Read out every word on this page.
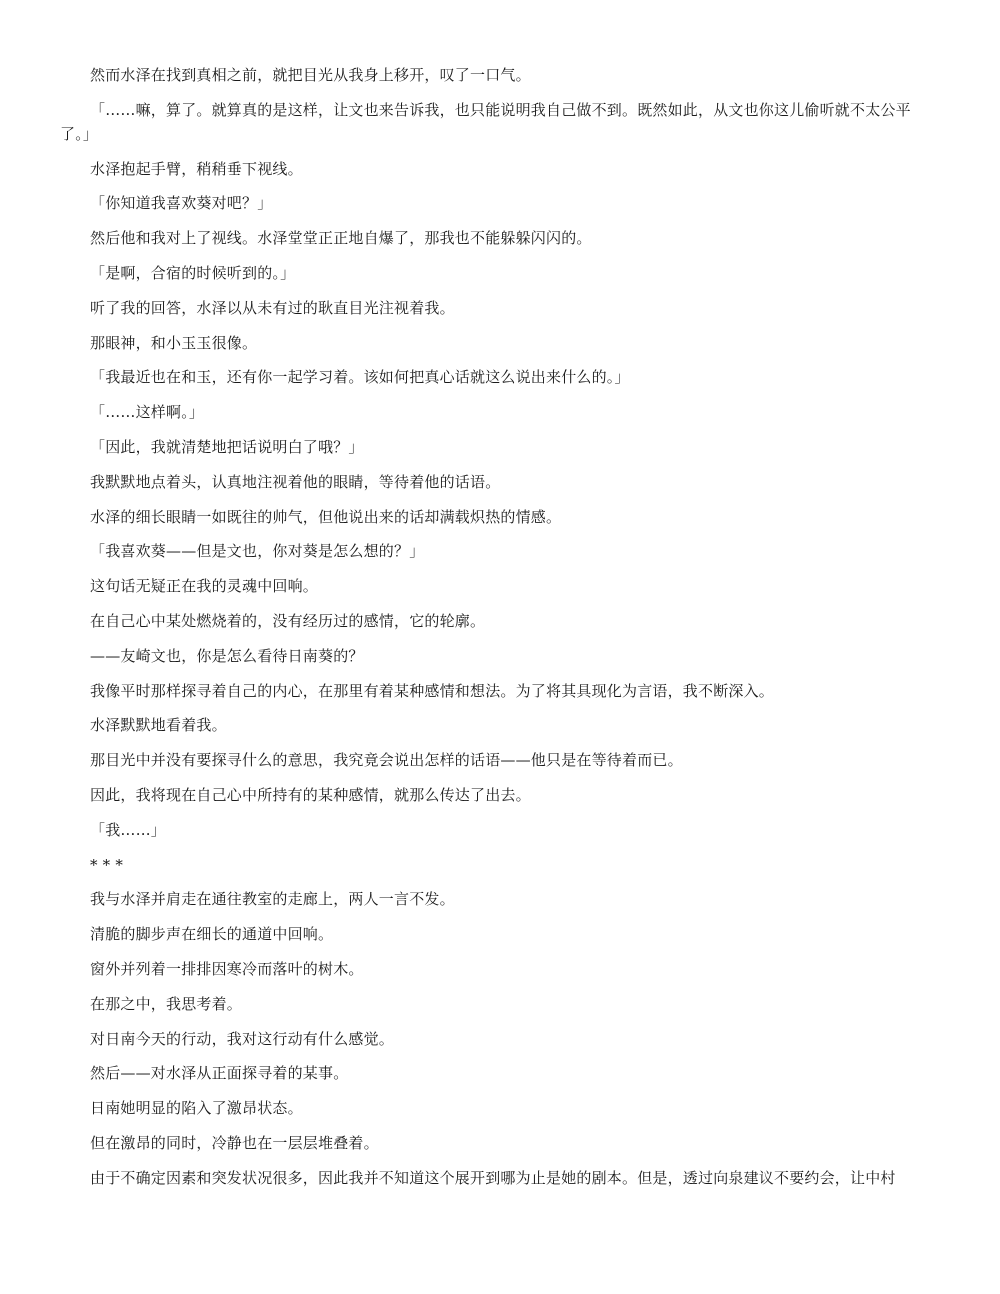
然而水泽在找到真相之前，就把目光从我身上移开，叹了一口气。

「……嘛，算了。就算真的是这样，让文也来告诉我，也只能说明我自己做不到。既然如此，从文也你这儿偷听就不太公平了。」

水泽抱起手臂，稍稍垂下视线。

「你知道我喜欢葵对吧？」

然后他和我对上了视线。水泽堂堂正正地自爆了，那我也不能躲躲闪闪的。

「是啊，合宿的时候听到的。」

听了我的回答，水泽以从未有过的耿直目光注视着我。

那眼神，和小玉玉很像。

「我最近也在和玉，还有你一起学习着。该如何把真心话就这么说出来什么的。」

「……这样啊。」

「因此，我就清楚地把话说明白了哦？」

我默默地点着头，认真地注视着他的眼睛，等待着他的话语。

水泽的细长眼睛一如既往的帅气，但他说出来的话却满载炽热的情感。

「我喜欢葵——但是文也，你对葵是怎么想的？」

这句话无疑正在我的灵魂中回响。

在自己心中某处燃烧着的，没有经历过的感情，它的轮廓。

——友崎文也，你是怎么看待日南葵的？

我像平时那样探寻着自己的内心，在那里有着某种感情和想法。为了将其具现化为言语，我不断深入。

水泽默默地看着我。

那目光中并没有要探寻什么的意思，我究竟会说出怎样的话语——他只是在等待着而已。

因此，我将现在自己心中所持有的某种感情，就那么传达了出去。

「我……」

* * *

我与水泽并肩走在通往教室的走廊上，两人一言不发。

清脆的脚步声在细长的通道中回响。

窗外并列着一排排因寒冷而落叶的树木。

在那之中，我思考着。

对日南今天的行动，我对这行动有什么感觉。

然后——对水泽从正面探寻着的某事。

日南她明显的陷入了激昂状态。

但在激昂的同时，冷静也在一层层堆叠着。

由于不确定因素和突发状况很多，因此我并不知道这个展开到哪为止是她的剧本。但是，透过向泉建议不要约会，让中村
